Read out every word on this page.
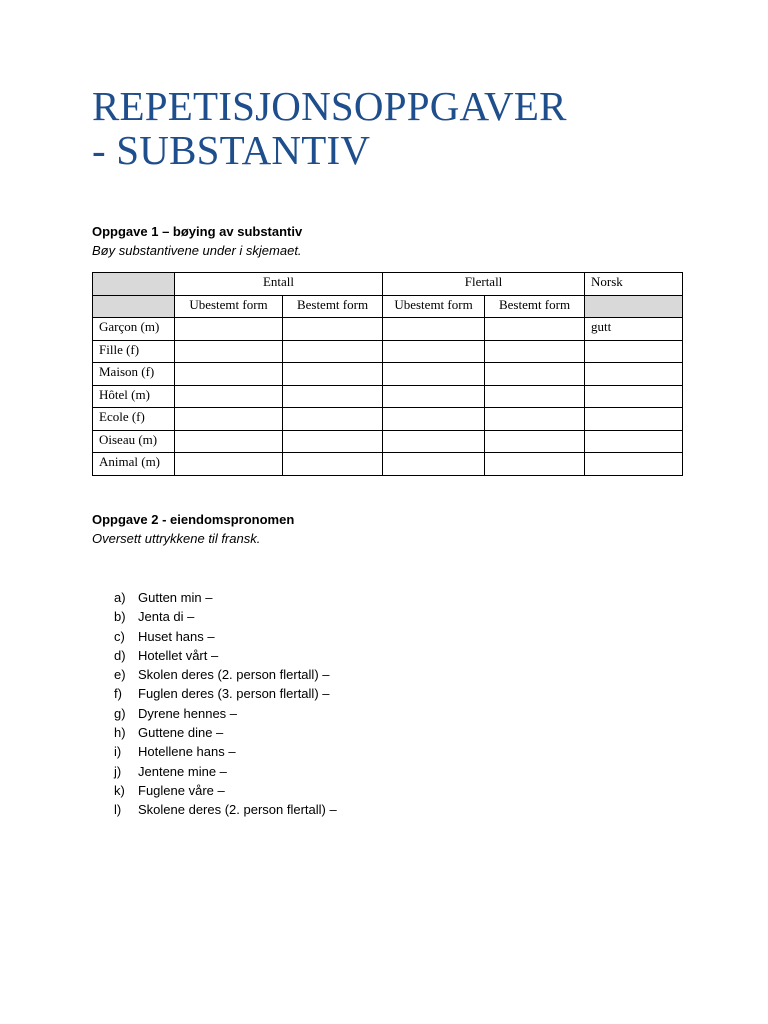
REPETISJONSOPPGAVER
- SUBSTANTIV
Oppgave 1 – bøying av substantiv
Bøy substantivene under i skjemaet.
	Entall		Flertall		Norsk
	Ubestemt form	Bestemt form	Ubestemt form	Bestemt form	
Garçon (m)					gutt
Fille (f)					
Maison (f)					
Hôtel (m)					
Ecole (f)					
Oiseau (m)					
Animal (m)					
Oppgave 2 - eiendomspronomen
Oversett uttrykkene til fransk.
a) Gutten min –
b) Jenta di –
c) Huset hans –
d) Hotellet vårt –
e) Skolen deres (2. person flertall) –
f) Fuglen deres (3. person flertall) –
g) Dyrene hennes –
h) Guttene dine –
i) Hotellene hans –
j) Jentene mine –
k) Fuglene våre –
l) Skolene deres (2. person flertall) –
